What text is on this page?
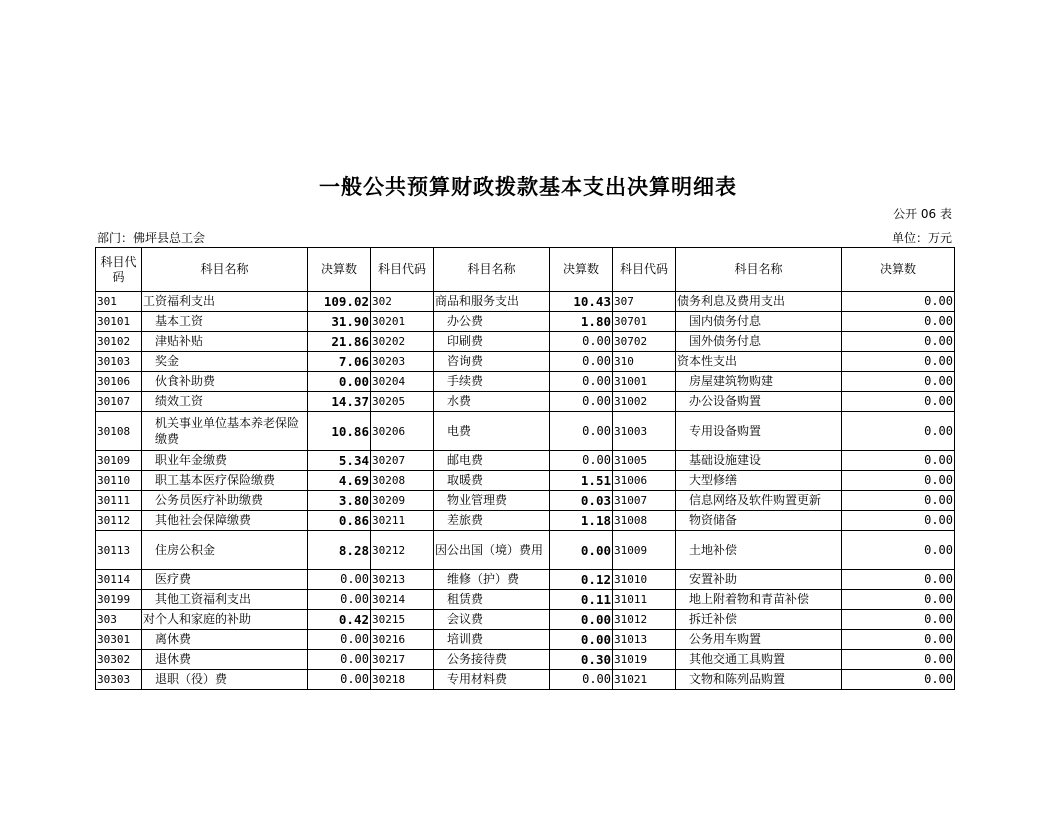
一般公共预算财政拨款基本支出决算明细表
公开 06 表
部门：佛坪县总工会	单位：万元
科目代码	科目名称	决算数	科目代码	科目名称	决算数	科目代码	科目名称	决算数
301	工资福利支出	109.02	302	商品和服务支出	10.43	307	债务利息及费用支出	0.00
30101	基本工资	31.90	30201	办公费	1.80	30701	国内债务付息	0.00
30102	津贴补贴	21.86	30202	印刷费	0.00	30702	国外债务付息	0.00
30103	奖金	7.06	30203	咨询费	0.00	310	资本性支出	0.00
30106	伙食补助费	0.00	30204	手续费	0.00	31001	房屋建筑物购建	0.00
30107	绩效工资	14.37	30205	水费	0.00	31002	办公设备购置	0.00
30108	机关事业单位基本养老保险缴费	10.86	30206	电费	0.00	31003	专用设备购置	0.00
30109	职业年金缴费	5.34	30207	邮电费	0.00	31005	基础设施建设	0.00
30110	职工基本医疗保险缴费	4.69	30208	取暖费	1.51	31006	大型修缮	0.00
30111	公务员医疗补助缴费	3.80	30209	物业管理费	0.03	31007	信息网络及软件购置更新	0.00
30112	其他社会保障缴费	0.86	30211	差旅费	1.18	31008	物资储备	0.00
30113	住房公积金	8.28	30212	因公出国（境）费用	0.00	31009	土地补偿	0.00
30114	医疗费	0.00	30213	维修（护）费	0.12	31010	安置补助	0.00
30199	其他工资福利支出	0.00	30214	租赁费	0.11	31011	地上附着物和青苗补偿	0.00
303	对个人和家庭的补助	0.42	30215	会议费	0.00	31012	拆迁补偿	0.00
30301	离休费	0.00	30216	培训费	0.00	31013	公务用车购置	0.00
30302	退休费	0.00	30217	公务接待费	0.30	31019	其他交通工具购置	0.00
30303	退职（役）费	0.00	30218	专用材料费	0.00	31021	文物和陈列品购置	0.00
